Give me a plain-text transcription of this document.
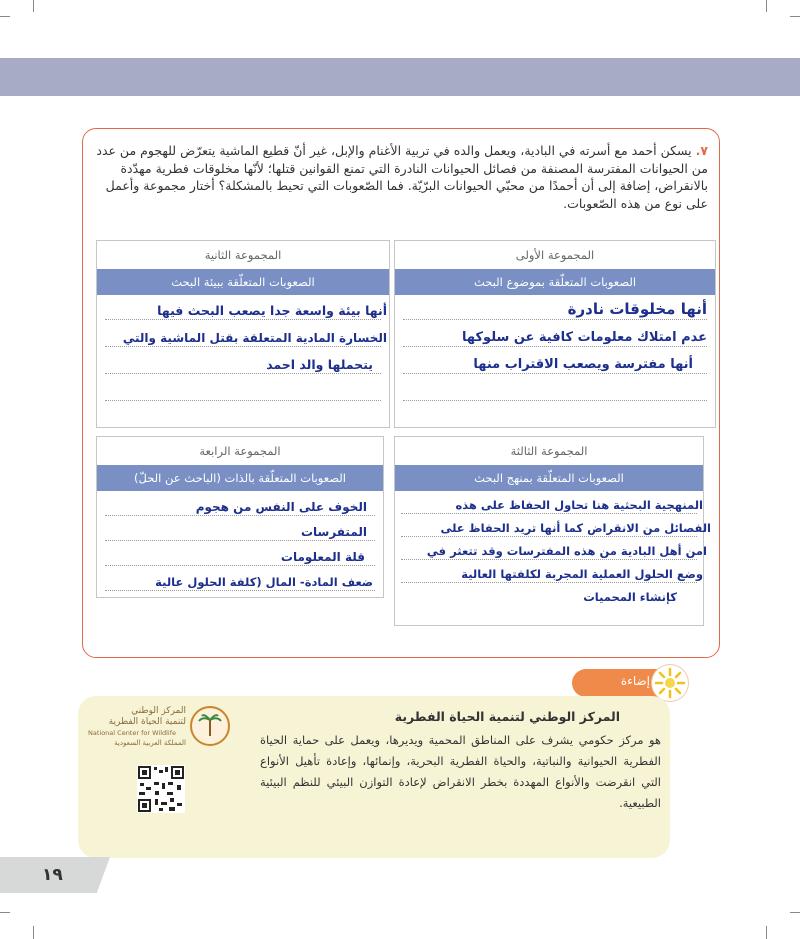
٧. يسكن أحمد مع أسرته في البادية، ويعمل والده في تربية الأغنام والإبل، غير أنّ قطيع الماشية يتعرّض للهجوم من عدد من الحيوانات المفترسة المصنفة من فصائل الحيوانات النادرة التي تمنع القوانين قتلها؛ لأنّها مخلوقات فطرية مهدّدة بالانقراض، إضافة إلى أن أحمدًا من محبّي الحيوانات البرّيّة. فما الصّعوبات التي تحيط بالمشكلة؟ أختار مجموعة وأعمل على نوع من هذه الصّعوبات.
المجموعة الأولى
الصعوبات المتعلّقة بموضوع البحث
أنها مخلوقات نادرة
عدم امتلاك معلومات كافية عن سلوكها
أنها مفترسة ويصعب الاقتراب منها
المجموعة الثانية
الصعوبات المتعلّقة ببيئة البحث
أنها بيئة واسعة جدا يصعب البحث فيها
الخسارة المادية المتعلقة بقتل الماشية والتي
يتحملها والد احمد
المجموعة الثالثة
الصعوبات المتعلّقة بمنهج البحث
المنهجية البحثية هنا تحاول الحفاظ على هذه
الفصائل من الانقراض كما أنها تريد الحفاظ على
امن أهل البادية من هذه المفترسات وقد تتعثر في
وضع الحلول العملية المجربة لكلفتها العالية
كإنشاء المحميات
المجموعة الرابعة
الصعوبات المتعلّقة بالذات (الباحث عن الحلّ)
الخوف على النفس من هجوم
المتفرسات
قلة المعلومات
ضعف المادة- المال (كلفة الحلول عالية
إضاءة
المركز الوطني لتنمية الحياة الفطرية
هو مركز حكومي يشرف على المناطق المحمية ويديرها، ويعمل على حماية الحياة الفطرية الحيوانية والنباتية، والحياة الفطرية البحرية، وإنمائها، وإعادة تأهيل الأنواع التي انقرضت والأنواع المهددة بخطر الانقراض لإعادة التوازن البيئي للنظم البيئية الطبيعية.
المركز الوطني
لتنمية الحياة الفطرية
National Center for Wildlife
المملكة العربية السعودية
١٩
